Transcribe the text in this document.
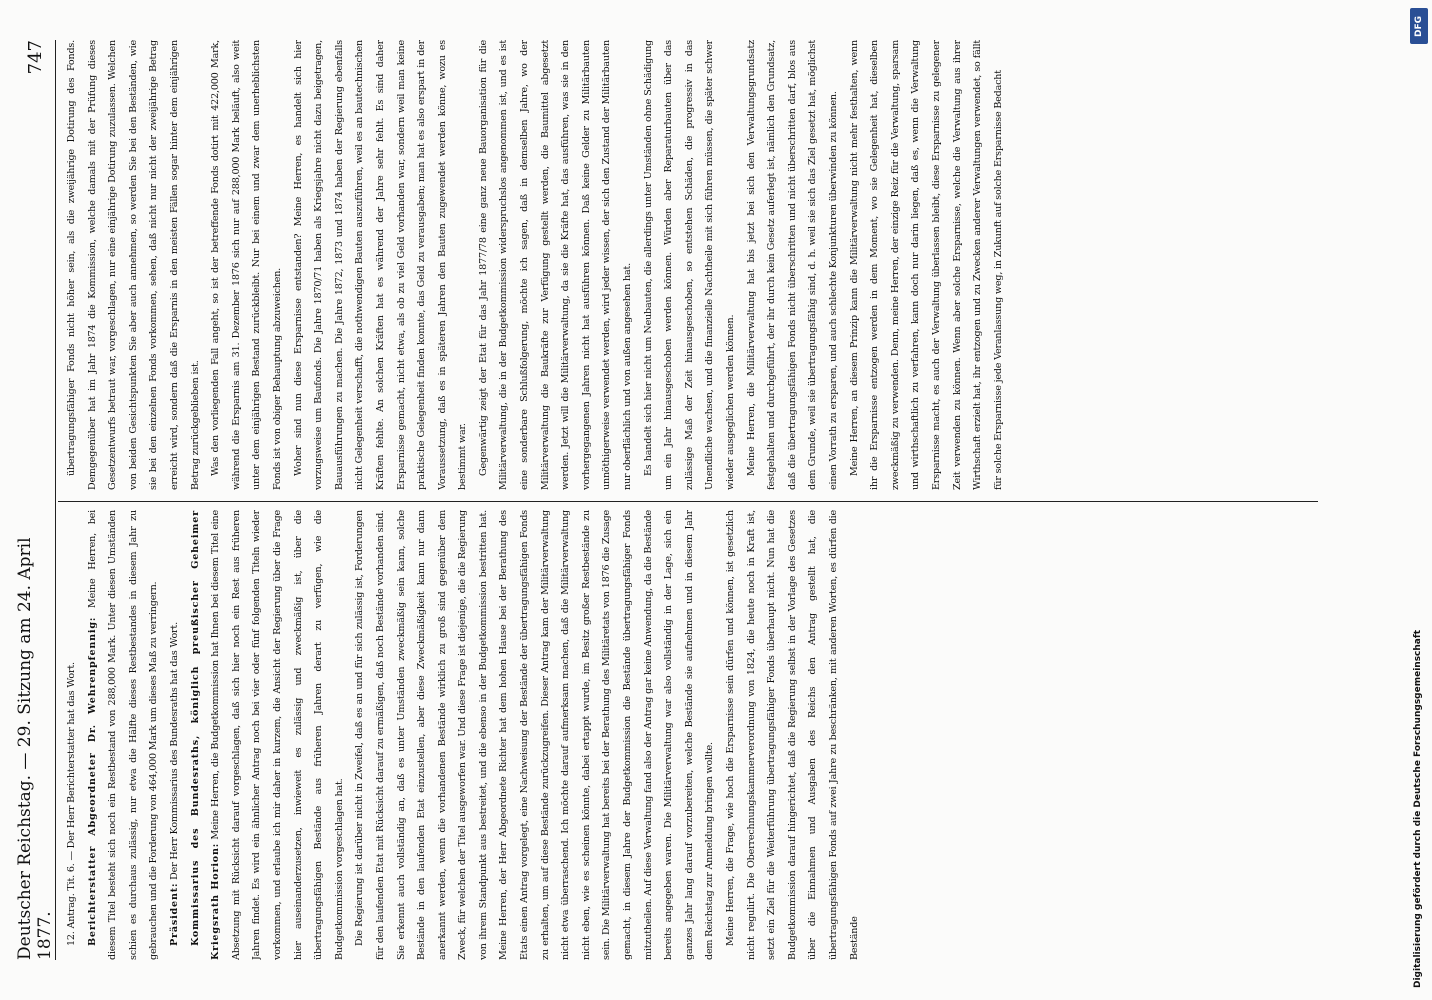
Deutscher Reichstag. — 29. Sitzung am 24. April 1877.
747

12. Antrag. Tit. 6. — Der Herr Berichterstatter hat das Wort. Berichterstatter Abgeordneter Dr. Wehrenpfennig: Meine Herren, bei diesem Titel besteht sich noch ein Restbestand von 288,000 Mark. Unter diesen Umständen schien es durchaus zulässig, nur etwa die Hälfte dieses Restbestandes in diesem Jahr zu gebrauchen und die Forderung von 464,000 Mark um dieses Maß zu verringern. Präsident: Der Herr Kommissarius des Bundesraths hat das Wort. Kommissarius des Bundesraths, königlich preußischer Geheimer Kriegsrath Horion: Meine Herren, die Budgetkommission hat Ihnen bei diesem Titel eine Absetzung mit Rücksicht darauf vorgeschlagen, daß sich hier noch ein Rest aus früheren Jahren findet. Es wird ein ähnlicher Antrag noch bei vier oder fünf folgenden Titeln wieder vorkommen, und erlaube ich mir daher in kurzem, die Ansicht der Regierung über die Frage hier auseinanderzusetzen, inwieweit es zulässig und zweckmäßig ist, über die übertragungsfähigen Bestände aus früheren Jahren derart zu verfügen, wie die Budgetkommission vorgeschlagen hat. Die Regierung ist darüber nicht in Zweifel, daß es an und für sich zulässig ist, Forderungen für den laufenden Etat mit Rücksicht darauf zu ermäßigen, daß noch Bestände vorhanden sind. Sie erkennt auch vollständig an, daß es unter Umständen zweckmäßig sein kann, solche Bestände in den laufenden Etat einzustellen, aber diese Zweckmäßigkeit kann nur dann anerkannt werden, wenn die vorhandenen Bestände wirklich zu groß sind gegenüber dem Zweck, für welchen der Titel ausgeworfen war. Und diese Frage ist diejenige, die die Regierung von ihrem Standpunkt aus bestreitet, und die ebenso in der Budgetkommission bestritten hat. Meine Herren, der Herr Abgeordnete Richter hat dem hohen Hause bei der Berathung des Etats einen Antrag vorgelegt, eine Nachweisung der Bestände der übertragungsfähigen Fonds zu erhalten, um auf diese Bestände zurückzugreifen. Dieser Antrag kam der Militärverwaltung nicht etwa überraschend. Ich möchte darauf aufmerksam machen, daß die Militärverwaltung nicht eben, wie es scheinen könnte, dabei ertappt wurde, im Besitz großer Restbestände zu sein. Die Militärverwaltung hat bereits bei der Berathung des Militäretats von 1876 die Zusage gemacht, in diesem Jahre der Budgetkommission die Bestände übertragungsfähiger Fonds mitzutheilen. Auf diese Verwaltung fand also der Antrag gar keine Anwendung, da die Bestände bereits angegeben waren. Die Militärverwaltung war also vollständig in der Lage, sich ein ganzes Jahr lang darauf vorzubereiten, welche Bestände sie aufnehmen und in diesem Jahr dem Reichstag zur Anmeldung bringen wollte. Meine Herren, die Frage, wie hoch die Ersparnisse sein dürfen und können, ist gesetzlich nicht regulirt. Die Oberrechnungskammerverordnung von 1824, die heute noch in Kraft ist, setzt ein Ziel für die Weiterführung übertragungsfähiger Fonds überhaupt nicht. Nun hat die Budgetkommission darauf hingerichtet, daß die Regierung selbst in der Vorlage des Gesetzes über die Einnahmen und Ausgaben des Reichs den Antrag gestellt hat, die übertragungsfähigen Fonds auf zwei Jahre zu beschränken, mit anderen Worten, es dürfen die Bestände

übertragungsfähiger Fonds nicht höher sein, als die zweijährige Dotirung des Fonds. Demgegenüber hat im Jahr 1874 die Kommission, welche damals mit der Prüfung dieses Gesetzentwurfs betraut war, vorgeschlagen, nur eine einjährige Dotirung zuzulassen. Welchen von beiden Gesichtspunkten Sie aber auch annehmen, so werden Sie bei den Beständen, wie sie bei den einzelnen Fonds vorkommen, sehen, daß nicht nur nicht der zweijährige Betrag erreicht wird, sondern daß die Ersparnis in den meisten Fällen sogar hinter dem einjährigen Betrag zurückgeblieben ist. Was den vorliegenden Fall angeht, so ist der betreffende Fonds dotirt mit 422,000 Mark, während die Ersparnis am 31. Dezember 1876 sich nur auf 288,000 Mark beläuft, also weit unter dem einjährigen Bestand zurückbleibt. Nur bei einem und zwar dem unerheblichsten Fonds ist von obiger Behauptung abzuweichen. Woher sind nun diese Ersparnisse entstanden? Meine Herren, es handelt sich hier vorzugsweise um Baufonds. Die Jahre 1870/71 haben als Kriegsjahre nicht dazu beigetragen, Bauausführungen zu machen. Die Jahre 1872, 1873 und 1874 haben der Regierung ebenfalls nicht Gelegenheit verschafft, die nothwendigen Bauten auszuführen, weil es an bautechnischen Kräften fehlte. An solchen Kräften hat es während der Jahre sehr fehlt. Es sind daher Ersparnisse gemacht, nicht etwa, als ob zu viel Geld vorhanden war, sondern weil man keine praktische Gelegenheit finden konnte, das Geld zu verausgaben; man hat es also erspart in der Voraussetzung, daß es in späteren Jahren den Bauten zugewendet werden könne, wozu es bestimmt war. Gegenwärtig zeigt der Etat für das Jahr 1877/78 eine ganz neue Bauorganisation für die Militärverwaltung, die in der Budgetkommission widerspruchslos angenommen ist, und es ist eine sonderbare Schlußfolgerung, möchte ich sagen, daß in demselben Jahre, wo der Militärverwaltung die Baukräfte zur Verfügung gestellt werden, die Baumittel abgesetzt werden. Jetzt will die Militärverwaltung, da sie die Kräfte hat, das ausführen, was sie in den vorhergegangenen Jahren nicht hat ausführen können. Daß keine Gelder zu Militärbauten unnöthigerweise verwendet werden, wird jeder wissen, der sich den Zustand der Militärbauten nur oberflächlich und von außen angesehen hat. Es handelt sich hier nicht um Neubauten, die allerdings unter Umständen ohne Schädigung um ein Jahr hinausgeschoben werden können. Würden aber Reparaturbauten über das zulässige Maß der Zeit hinausgeschoben, so entstehen Schäden, die progressiv in das Unendliche wachsen, und die finanzielle Nachtheile mit sich führen müssen, die später schwer wieder ausgeglichen werden können. Meine Herren, die Militärverwaltung hat bis jetzt bei sich den Verwaltungsgrundsatz festgehalten und durchgeführt, der ihr durch kein Gesetz auferlegt ist, nämlich den Grundsatz, daß die übertragungsfähigen Fonds nicht überschritten und nicht überschritten darf, blos aus dem Grunde, weil sie übertragungsfähig sind, d. h. weil sie sich das Ziel gesetzt hat, möglichst einen Vorrath zu ersparen, und auch schlechte Konjunkturen überwinden zu können. Meine Herren, an diesem Prinzip kann die Militärverwaltung nicht mehr festhalten, wenn ihr die Ersparnisse entzogen werden in dem Moment, wo sie Gelegenheit hat, dieselben zweckmäßig zu verwenden. Denn, meine Herren, der einzige Reiz für die Verwaltung, sparsam und wirthschaftlich zu verfahren, kann doch nur darin liegen, daß es, wenn die Verwaltung Ersparnisse macht, es auch der Verwaltung überlassen bleibt, diese Ersparnisse zu gelegener Zeit verwenden zu können. Wenn aber solche Ersparnisse, welche die Verwaltung aus ihrer Wirthschaft erzielt hat, ihr entzogen und zu Zwecken anderer Verwaltungen verwendet, so fällt für solche Ersparnisse jede Veranlassung weg, in Zukunft auf solche Ersparnisse Bedacht

DFG
Digitalisierung gefördert durch die Deutsche Forschungsgemeinschaft
